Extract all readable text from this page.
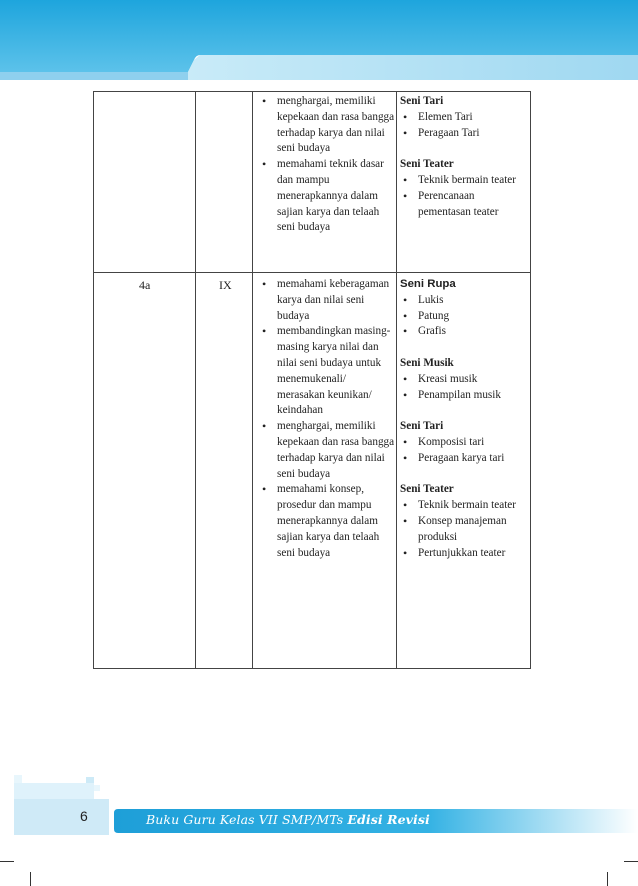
• menghargai, memiliki kepekaan dan rasa bangga terhadap karya dan nilai seni budaya
• memahami teknik dasar dan mampu menerapkannya dalam sajian karya dan telaah seni budaya
Seni Tari
• Elemen Tari
• Peragaan Tari
Seni Teater
• Teknik bermain teater
• Perencanaan pementasan teater
4a	IX
•	memahami keberagaman karya dan nilai seni budaya
• membandingkan masing-masing karya nilai dan nilai seni budaya untuk menemukenali/ merasakan keunikan/ keindahan
• menghargai, memiliki kepekaan dan rasa bangga terhadap karya dan nilai seni budaya
• memahami konsep, prosedur dan mampu menerapkannya dalam sajian karya dan telaah seni budaya
Seni Rupa
• Lukis
• Patung
• Grafis
Seni Musik
• Kreasi musik
• Penampilan musik
Seni Tari
• Komposisi tari
• Peragaan karya tari
Seni Teater
• Teknik bermain teater
• Konsep manajeman produksi
• Pertunjukkan teater
6	Buku Guru Kelas VII SMP/MTs Edisi Revisi
